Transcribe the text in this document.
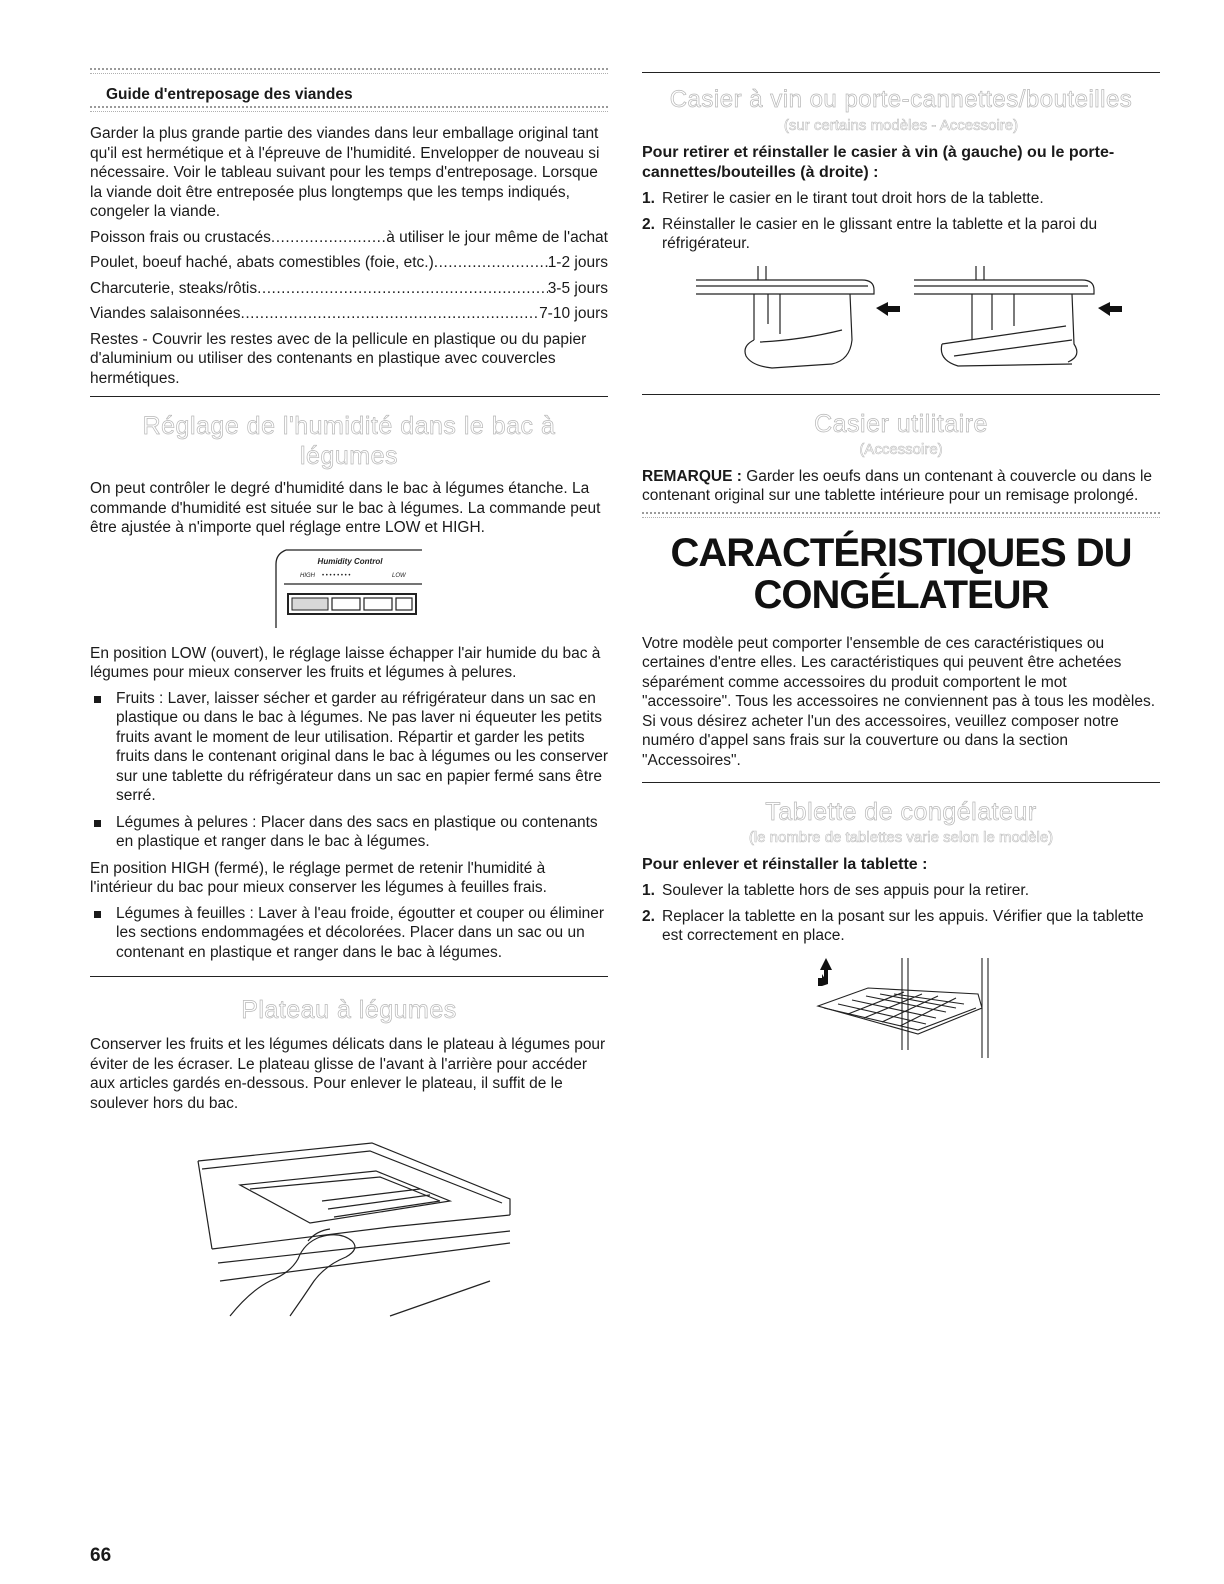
Guide d'entreposage des viandes

Garder la plus grande partie des viandes dans leur emballage original tant qu'il est hermétique et à l'épreuve de l'humidité. Envelopper de nouveau si nécessaire. Voir le tableau suivant pour les temps d'entreposage. Lorsque la viande doit être entreposée plus longtemps que les temps indiqués, congeler la viande.

Poisson frais ou crustacés .....	à utiliser le jour même de l'achat
Poulet, boeuf haché, abats comestibles (foie, etc.) .....	1-2 jours
Charcuterie, steaks/rôtis .....	3-5 jours
Viandes salaisonnées .....	7-10 jours

Restes - Couvrir les restes avec de la pellicule en plastique ou du papier d'aluminium ou utiliser des contenants en plastique avec couvercles hermétiques.

Réglage de l'humidité dans le bac à légumes

On peut contrôler le degré d'humidité dans le bac à légumes étanche. La commande d'humidité est située sur le bac à légumes. La commande peut être ajustée à n'importe quel réglage entre LOW et HIGH.

Humidity Control
HIGH • • • • • • • •	LOW

En position LOW (ouvert), le réglage laisse échapper l'air humide du bac à légumes pour mieux conserver les fruits et légumes à pelures.

Fruits : Laver, laisser sécher et garder au réfrigérateur dans un sac en plastique ou dans le bac à légumes. Ne pas laver ni équeuter les petits fruits avant le moment de leur utilisation. Répartir et garder les petits fruits dans le contenant original dans le bac à légumes ou les conserver sur une tablette du réfrigérateur dans un sac en papier fermé sans être serré.
Légumes à pelures : Placer dans des sacs en plastique ou contenants en plastique et ranger dans le bac à légumes.

En position HIGH (fermé), le réglage permet de retenir l'humidité à l'intérieur du bac pour mieux conserver les légumes à feuilles frais.

Légumes à feuilles : Laver à l'eau froide, égoutter et couper ou éliminer les sections endommagées et décolorées. Placer dans un sac ou un contenant en plastique et ranger dans le bac à légumes.
Plateau à légumes

Conserver les fruits et les légumes délicats dans le plateau à légumes pour éviter de les écraser. Le plateau glisse de l'avant à l'arrière pour accéder aux articles gardés en-dessous. Pour enlever le plateau, il suffit de le soulever hors du bac.

Casier à vin ou porte-cannettes/bouteilles
(sur certains modèles - Accessoire)
Pour retirer et réinstaller le casier à vin (à gauche) ou le porte-cannettes/bouteilles (à droite) :
1. Retirer le casier en le tirant tout droit hors de la tablette.
2. Réinstaller le casier en le glissant entre la tablette et la paroi du réfrigérateur.
Casier utilitaire
(Accessoire)

REMARQUE : Garder les oeufs dans un contenant à couvercle ou dans le contenant original sur une tablette intérieure pour un remisage prolongé.

CARACTÉRISTIQUES DU
CONGÉLATEUR

Votre modèle peut comporter l'ensemble de ces caractéristiques ou certaines d'entre elles. Les caractéristiques qui peuvent être achetées séparément comme accessoires du produit comportent le mot "accessoire". Tous les accessoires ne conviennent pas à tous les modèles. Si vous désirez acheter l'un des accessoires, veuillez composer notre numéro d'appel sans frais sur la couverture ou dans la section "Accessoires".

Tablette de congélateur
(le nombre de tablettes varie selon le modèle)
Pour enlever et réinstaller la tablette :
1. Soulever la tablette hors de ses appuis pour la retirer.
2. Replacer la tablette en la posant sur les appuis. Vérifier que la tablette est correctement en place.
66
